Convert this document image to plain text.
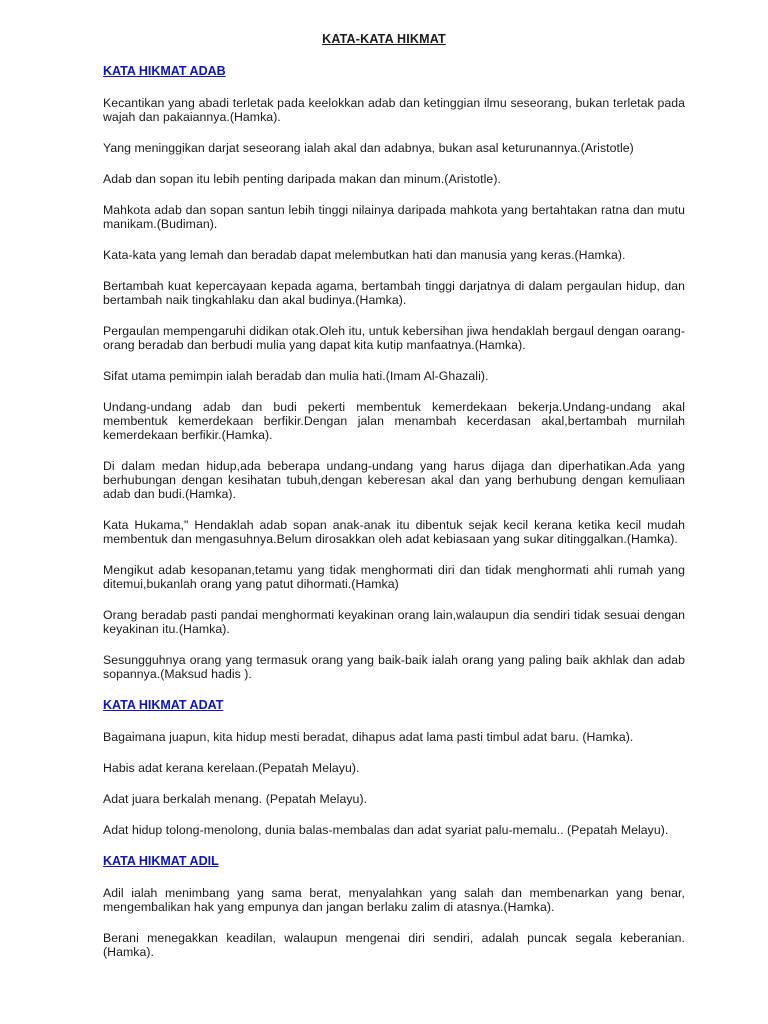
KATA-KATA HIKMAT
KATA HIKMAT ADAB

Kecantikan yang abadi terletak pada keelokkan adab dan ketinggian ilmu seseorang, bukan terletak pada wajah dan pakaiannya.(Hamka).

Yang meninggikan darjat seseorang ialah akal dan adabnya, bukan asal keturunannya.(Aristotle)

Adab dan sopan itu lebih penting daripada makan dan minum.(Aristotle).

Mahkota adab dan sopan santun lebih tinggi nilainya daripada mahkota yang bertahtakan ratna dan mutu manikam.(Budiman).

Kata-kata yang lemah dan beradab dapat melembutkan hati dan manusia yang keras.(Hamka).

Bertambah kuat kepercayaan kepada agama, bertambah tinggi darjatnya di dalam pergaulan hidup, dan bertambah naik tingkahlaku dan akal budinya.(Hamka).

Pergaulan mempengaruhi didikan otak.Oleh itu, untuk kebersihan jiwa hendaklah bergaul dengan oarang-orang beradab dan berbudi mulia yang dapat kita kutip manfaatnya.(Hamka).

Sifat utama pemimpin ialah beradab dan mulia hati.(Imam Al-Ghazali).

Undang-undang adab dan budi pekerti membentuk kemerdekaan bekerja.Undang-undang akal membentuk kemerdekaan berfikir.Dengan jalan menambah kecerdasan akal,bertambah murnilah kemerdekaan berfikir.(Hamka).

Di dalam medan hidup,ada beberapa undang-undang yang harus dijaga dan diperhatikan.Ada yang berhubungan dengan kesihatan tubuh,dengan keberesan akal dan yang berhubung dengan kemuliaan adab dan budi.(Hamka).

Kata Hukama," Hendaklah adab sopan anak-anak itu dibentuk sejak kecil kerana ketika kecil mudah membentuk dan mengasuhnya.Belum dirosakkan oleh adat kebiasaan yang sukar ditinggalkan.(Hamka).

Mengikut adab kesopanan,tetamu yang tidak menghormati diri dan tidak menghormati ahli rumah yang ditemui,bukanlah orang yang patut dihormati.(Hamka)

Orang beradab pasti pandai menghormati keyakinan orang lain,walaupun dia sendiri tidak sesuai dengan keyakinan itu.(Hamka).

Sesungguhnya orang yang termasuk orang yang baik-baik ialah orang yang paling baik akhlak dan adab sopannya.(Maksud hadis ).

KATA HIKMAT ADAT

Bagaimana juapun, kita hidup mesti beradat, dihapus adat lama pasti timbul adat baru. (Hamka).

Habis adat kerana kerelaan.(Pepatah Melayu).

Adat juara berkalah menang. (Pepatah Melayu).

Adat hidup tolong-menolong, dunia balas-membalas dan adat syariat palu-memalu.. (Pepatah Melayu).

KATA HIKMAT ADIL

Adil ialah menimbang yang sama berat, menyalahkan yang salah dan membenarkan yang benar, mengembalikan hak yang empunya dan jangan berlaku zalim di atasnya.(Hamka).

Berani menegakkan keadilan, walaupun mengenai diri sendiri, adalah puncak segala keberanian.(Hamka).
